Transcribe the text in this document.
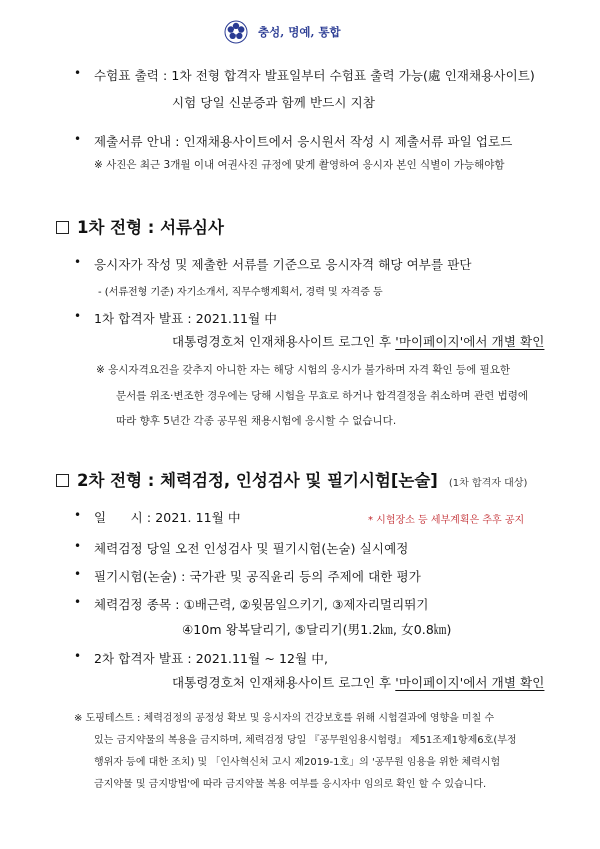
충성, 명예, 통합
• 수험표 출력 : 1차 전형 합격자 발표일부터 수험표 출력 가능(處 인재채용사이트)
시험 당일 신분증과 함께 반드시 지참
• 제출서류 안내 : 인재채용사이트에서 응시원서 작성 시 제출서류 파일 업로드
※ 사진은 최근 3개월 이내 여권사진 규정에 맞게 촬영하여 응시자 본인 식별이 가능해야함
1차 전형 : 서류심사
• 응시자가 작성 및 제출한 서류를 기준으로 응시자격 해당 여부를 판단
- (서류전형 기준) 자기소개서, 직무수행계획서, 경력 및 자격증 등
• 1차 합격자 발표 : 2021.11월 中
대통령경호처 인재채용사이트 로그인 후 '마이페이지'에서 개별 확인
※ 응시자격요건을 갖추지 아니한 자는 해당 시험의 응시가 불가하며 자격 확인 등에 필요한
문서를 위조·변조한 경우에는 당해 시험을 무효로 하거나 합격결정을 취소하며 관련 법령에
따라 향후 5년간 각종 공무원 채용시험에 응시할 수 없습니다.
2차 전형 : 체력검정, 인성검사 및 필기시험[논술] (1차 합격자 대상)
• 일      시 : 2021. 11월 中	* 시험장소 등 세부계획은 추후 공지
• 체력검정 당일 오전 인성검사 및 필기시험(논술) 실시예정
• 필기시험(논술) : 국가관 및 공직윤리 등의 주제에 대한 평가
• 체력검정 종목 : ①배근력, ②윗몸일으키기, ③제자리멀리뛰기
④10m 왕복달리기, ⑤달리기(男1.2㎞, 女0.8㎞)
• 2차 합격자 발표 : 2021.11월 ~ 12월 中,
대통령경호처 인재채용사이트 로그인 후 '마이페이지'에서 개별 확인
※ 도핑테스트 : 체력검정의 공정성 확보 및 응시자의 건강보호를 위해 시험결과에 영향을 미칠 수
있는 금지약물의 복용을 금지하며, 체력검정 당일 『공무원임용시험령』 제51조제1항제6호(부정
행위자 등에 대한 조치) 및 「인사혁신처 고시 제2019-1호」의 '공무원 임용을 위한 체력시험
금지약물 및 금지방법'에 따라 금지약물 복용 여부를 응시자中 임의로 확인 할 수 있습니다.
